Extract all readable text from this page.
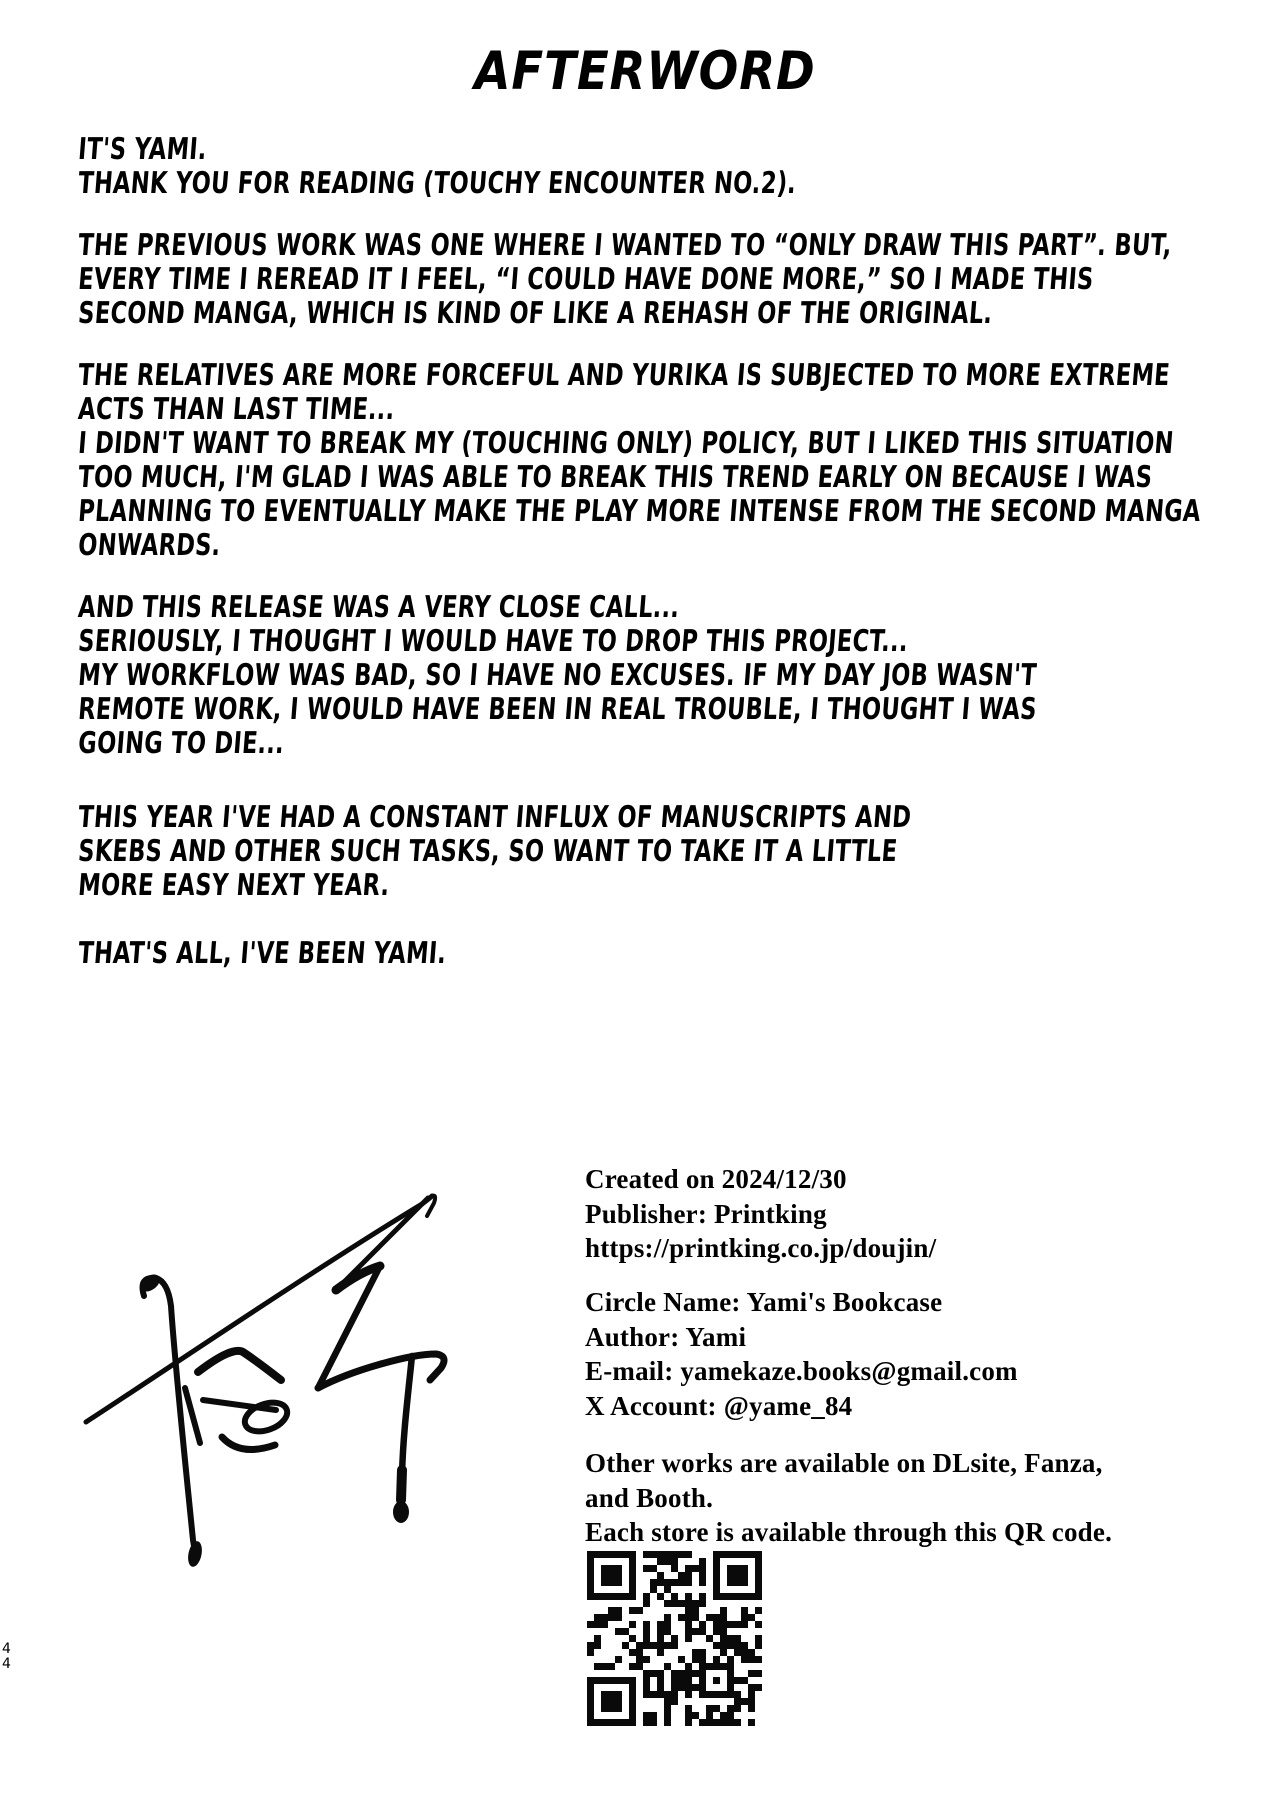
AFTERWORD
IT'S YAMI.
THANK YOU FOR READING (TOUCHY ENCOUNTER NO.2).
THE PREVIOUS WORK WAS ONE WHERE I WANTED TO “ONLY DRAW THIS PART”. BUT,
EVERY TIME I REREAD IT I FEEL, “I COULD HAVE DONE MORE,” SO I MADE THIS
SECOND MANGA, WHICH IS KIND OF LIKE A REHASH OF THE ORIGINAL.
THE RELATIVES ARE MORE FORCEFUL AND YURIKA IS SUBJECTED TO MORE EXTREME
ACTS THAN LAST TIME...
I DIDN'T WANT TO BREAK MY (TOUCHING ONLY) POLICY, BUT I LIKED THIS SITUATION
TOO MUCH, I'M GLAD I WAS ABLE TO BREAK THIS TREND EARLY ON BECAUSE I WAS
PLANNING TO EVENTUALLY MAKE THE PLAY MORE INTENSE FROM THE SECOND MANGA
ONWARDS.
AND THIS RELEASE WAS A VERY CLOSE CALL...
SERIOUSLY, I THOUGHT I WOULD HAVE TO DROP THIS PROJECT...
MY WORKFLOW WAS BAD, SO I HAVE NO EXCUSES. IF MY DAY JOB WASN'T
REMOTE WORK, I WOULD HAVE BEEN IN REAL TROUBLE, I THOUGHT I WAS
GOING TO DIE...
THIS YEAR I'VE HAD A CONSTANT INFLUX OF MANUSCRIPTS AND
SKEBS AND OTHER SUCH TASKS, SO WANT TO TAKE IT A LITTLE
MORE EASY NEXT YEAR.
THAT'S ALL, I'VE BEEN YAMI.
Created on 2024/12/30
Publisher: Printking
https://printking.co.jp/doujin/
Circle Name: Yami's Bookcase
Author: Yami
E-mail: yamekaze.books@gmail.com
X Account: @yame_84
Other works are available on DLsite, Fanza,
and Booth.
Each store is available through this QR code.
4
4
